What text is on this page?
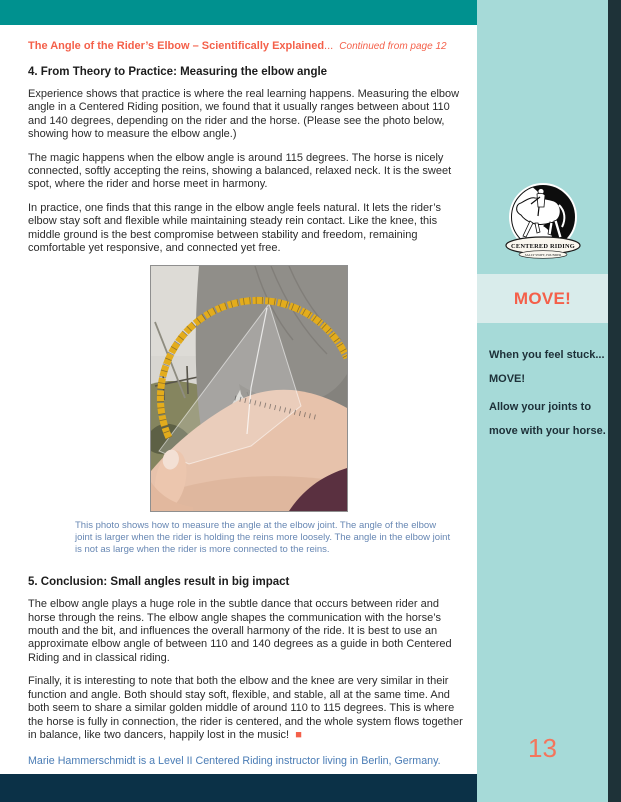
The Angle of the Rider’s Elbow – Scientifically Explained... Continued from page 12
4. From Theory to Practice: Measuring the elbow angle

Experience shows that practice is where the real learning happens. Measuring the elbow angle in a Centered Riding position, we found that it usually ranges between about 110 and 140 degrees, depending on the rider and the horse. (Please see the photo below, showing how to measure the elbow angle.)

The magic happens when the elbow angle is around 115 degrees. The horse is nicely connected, softly accepting the reins, showing a balanced, relaxed neck. It is the sweet spot, where the rider and horse meet in harmony.

In practice, one finds that this range in the elbow angle feels natural. It lets the rider’s elbow stay soft and flexible while maintaining steady rein contact. Like the knee, this middle ground is the best compromise between stability and freedom, remaining comfortable yet responsive, and connected yet free.

This photo shows how to measure the angle at the elbow joint. The angle of the elbow joint is larger when the rider is holding the reins more loosely. The angle in the elbow joint is not as large when the rider is more connected to the reins.

5. Conclusion: Small angles result in big impact

The elbow angle plays a huge role in the subtle dance that occurs between rider and horse through the reins. The elbow angle shapes the communication with the horse’s mouth and the bit, and influences the overall harmony of the ride. It is best to use an approximate elbow angle of between 110 and 140 degrees as a guide in both Centered Riding and in classical riding.

Finally, it is interesting to note that both the elbow and the knee are very similar in their function and angle. Both should stay soft, flexible, and stable, all at the same time. And both seem to share a similar golden middle of around 110 to 115 degrees. This is where the horse is fully in connection, the rider is centered, and the whole system flows together in balance, like two dancers, happily lost in the music! ■

Marie Hammerschmidt is a Level II Centered Riding instructor living in Berlin, Germany.

CENTERED RIDING
SALLY SWIFT, FOUNDER
MOVE!
When you feel stuck...
MOVE!
Allow your joints to
move with your horse.
13
